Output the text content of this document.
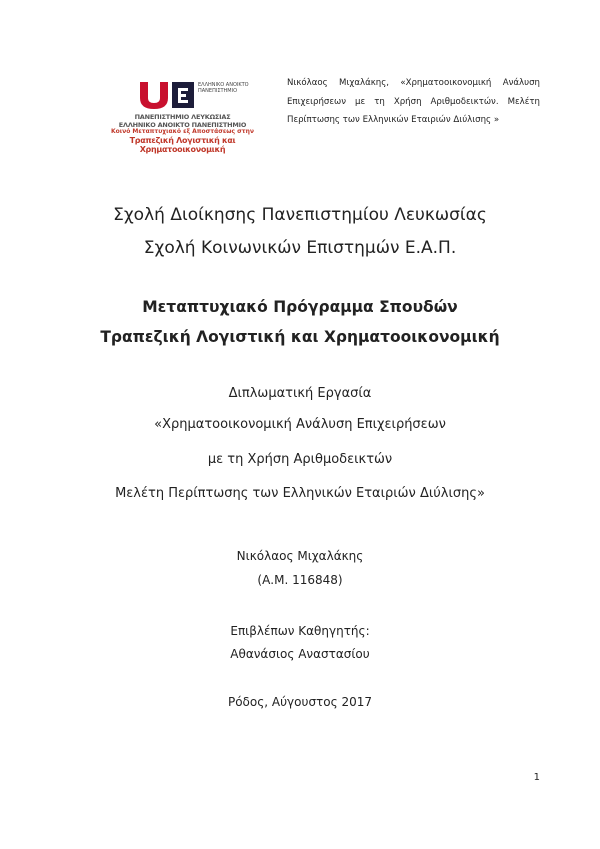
ΕΛΛΗΝΙΚΟ ΑΝΟΙΚΤΟ ΠΑΝΕΠΙΣΤΗΜΙΟ
ΠΑΝΕΠΙΣΤΗΜΙΟ ΛΕΥΚΩΣΙΑΣ
ΕΛΛΗΝΙΚΟ ΑΝΟΙΚΤΟ ΠΑΝΕΠΙΣΤΗΜΙΟ
Κοινό Μεταπτυχιακό εξ Αποστάσεως στην
Τραπεζική Λογιστική και Χρηματοοικονομική
Νικόλαος Μιχαλάκης, «Χρηματοοικονομική Ανάλυση Επιχειρήσεων με τη Χρήση Αριθμοδεικτών. Μελέτη Περίπτωσης των Ελληνικών Εταιριών Διύλισης »
Σχολή Διοίκησης Πανεπιστημίου Λευκωσίας
Σχολή Κοινωνικών Επιστημών Ε.Α.Π.
Μεταπτυχιακό Πρόγραμμα Σπουδών
Τραπεζική Λογιστική και Χρηματοοικονομική
Διπλωματική Εργασία
«Χρηματοοικονομική Ανάλυση Επιχειρήσεων
με τη Χρήση Αριθμοδεικτών
Μελέτη Περίπτωσης των Ελληνικών Εταιριών Διύλισης»
Νικόλαος Μιχαλάκης
(Α.Μ. 116848)
Επιβλέπων Καθηγητής:
Αθανάσιος Αναστασίου
Ρόδος, Αύγουστος 2017
1
